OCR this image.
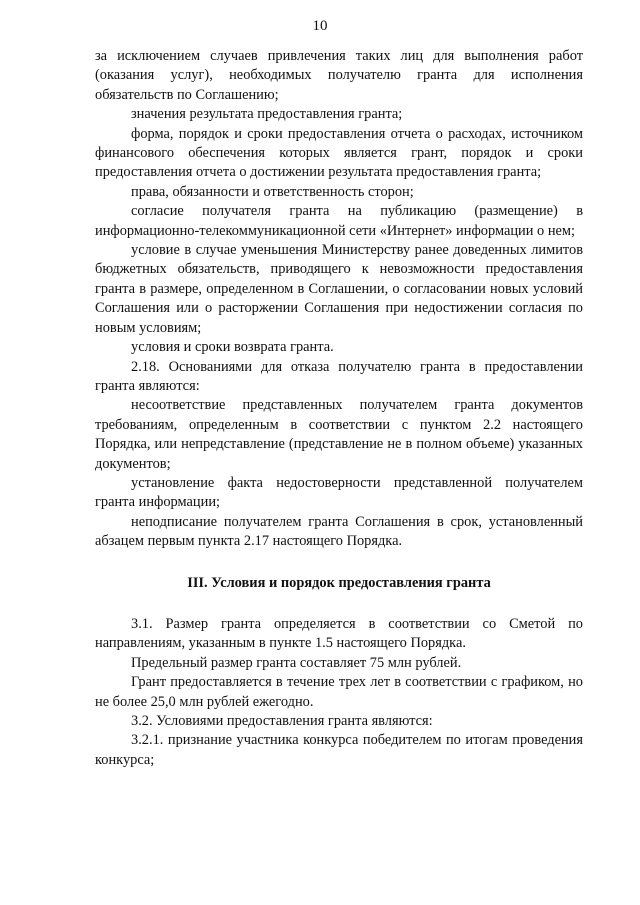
10

за исключением случаев привлечения таких лиц для выполнения работ (оказания услуг), необходимых получателю гранта для исполнения обязательств по Соглашению;

значения результата предоставления гранта;

форма, порядок и сроки предоставления отчета о расходах, источником финансового обеспечения которых является грант, порядок и сроки предоставления отчета о достижении результата предоставления гранта;

права, обязанности и ответственность сторон;

согласие получателя гранта на публикацию (размещение) в информационно-телекоммуникационной сети «Интернет» информации о нем;

условие в случае уменьшения Министерству ранее доведенных лимитов бюджетных обязательств, приводящего к невозможности предоставления гранта в размере, определенном в Соглашении, о согласовании новых условий Соглашения или о расторжении Соглашения при недостижении согласия по новым условиям;

условия и сроки возврата гранта.

2.18. Основаниями для отказа получателю гранта в предоставлении гранта являются:

несоответствие представленных получателем гранта документов требованиям, определенным в соответствии с пунктом 2.2 настоящего Порядка, или непредставление (представление не в полном объеме) указанных документов;

установление факта недостоверности представленной получателем гранта информации;

неподписание получателем гранта Соглашения в срок, установленный абзацем первым пункта 2.17 настоящего Порядка.

III. Условия и порядок предоставления гранта

3.1. Размер гранта определяется в соответствии со Сметой по направлениям, указанным в пункте 1.5 настоящего Порядка.

Предельный размер гранта составляет 75 млн рублей.

Грант предоставляется в течение трех лет в соответствии с графиком, но не более 25,0 млн рублей ежегодно.

3.2. Условиями предоставления гранта являются:

3.2.1. признание участника конкурса победителем по итогам проведения конкурса;
